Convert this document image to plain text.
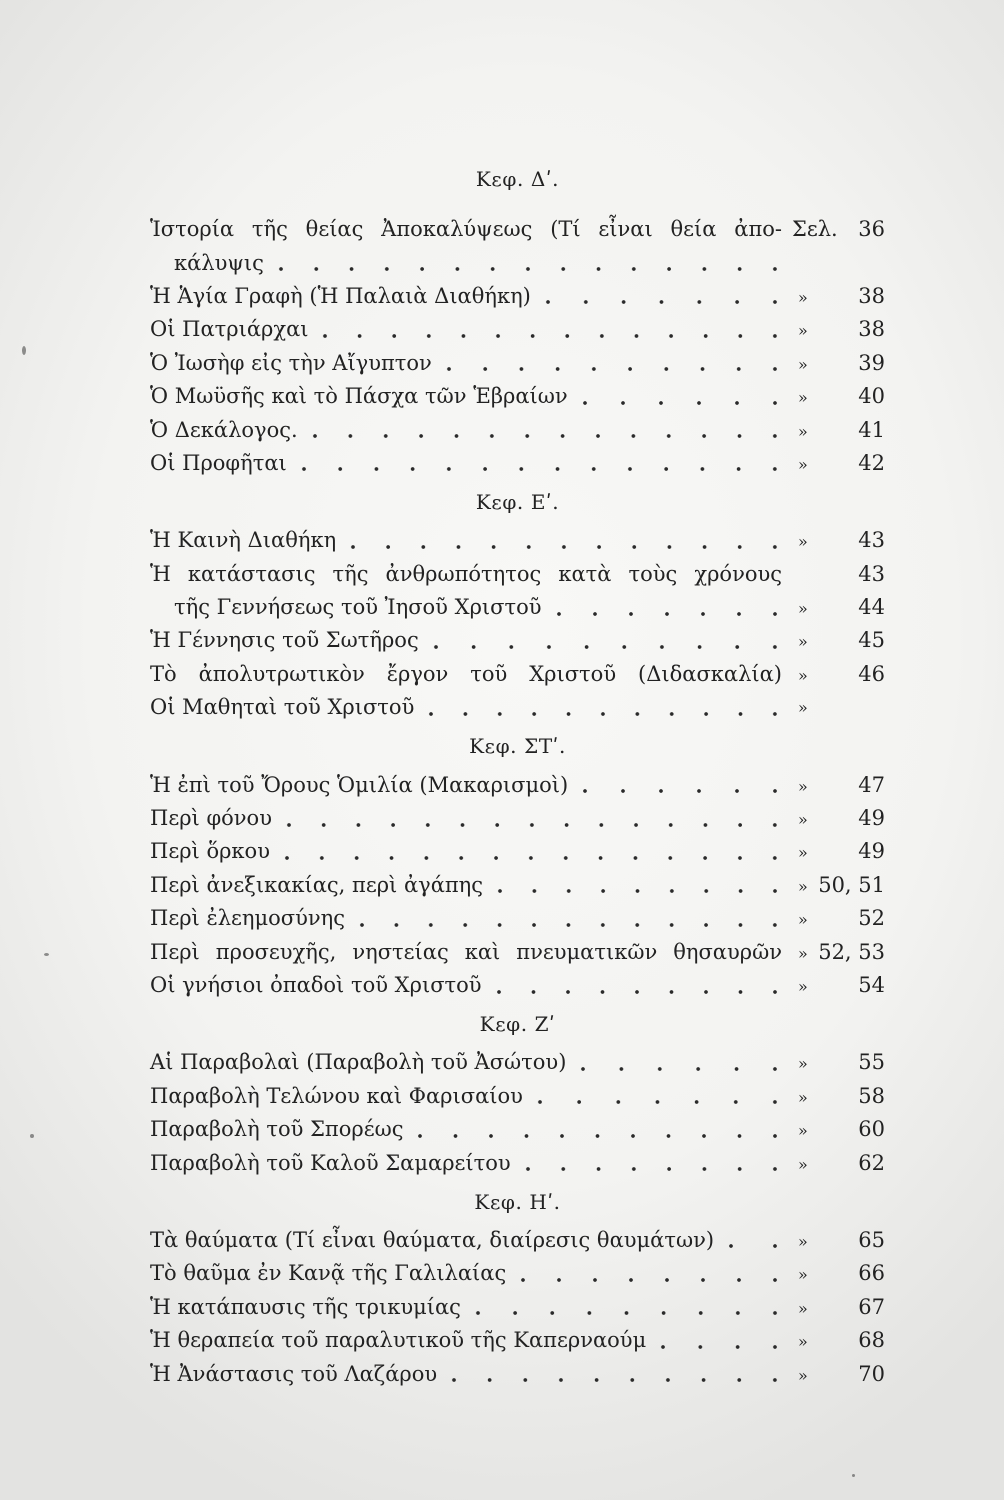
Κεφ. Δʹ.
Ἱστορία τῆς θείας Ἀποκαλύψεως (Τί εἶναι θεία ἀπο- Σελ. 36
κάλυψις
Ἡ Ἁγία Γραφὴ (Ἡ Παλαιὰ Διαθήκη)	» 38
Οἱ Πατριάρχαι	» 38
Ὁ Ἰωσὴφ εἰς τὴν Αἴγυπτον	» 39
Ὁ Μωϋσῆς καὶ τὸ Πάσχα τῶν Ἑβραίων	» 40
Ὁ Δεκάλογος.	» 41
Οἱ Προφῆται	» 42
Κεφ. Εʹ.
Ἡ Καινὴ Διαθήκη	» 43
Ἡ κατάστασις τῆς ἀνθρωπότητος κατὰ τοὺς χρόνους	43
τῆς Γεννήσεως τοῦ Ἰησοῦ Χριστοῦ	» 44
Ἡ Γέννησις τοῦ Σωτῆρος	» 45
Τὸ ἀπολυτρωτικὸν ἔργον τοῦ Χριστοῦ (Διδασκαλία)	» 46
Οἱ Μαθηταὶ τοῦ Χριστοῦ	»
Κεφ. ΣΤʹ.
Ἡ ἐπὶ τοῦ Ὄρους Ὁμιλία (Μακαρισμοὶ)	» 47
Περὶ φόνου	» 49
Περὶ ὅρκου	» 49
Περὶ ἀνεξικακίας, περὶ ἀγάπης	» 50, 51
Περὶ ἐλεημοσύνης	» 52
Περὶ προσευχῆς, νηστείας καὶ πνευματικῶν θησαυρῶν	» 52, 53
Οἱ γνήσιοι ὀπαδοὶ τοῦ Χριστοῦ	» 54
Κεφ. Ζʹ
Αἱ Παραβολαὶ (Παραβολὴ τοῦ Ἀσώτου)	» 55
Παραβολὴ Τελώνου καὶ Φαρισαίου	» 58
Παραβολὴ τοῦ Σπορέως	» 60
Παραβολὴ τοῦ Καλοῦ Σαμαρείτου	» 62
Κεφ. Ηʹ.
Τὰ θαύματα (Τί εἶναι θαύματα, διαίρεσις θαυμάτων)	» 65
Τὸ θαῦμα ἐν Κανᾷ τῆς Γαλιλαίας	» 66
Ἡ κατάπαυσις τῆς τρικυμίας	» 67
Ἡ θεραπεία τοῦ παραλυτικοῦ τῆς Καπερναούμ	» 68
Ἡ Ἀνάστασις τοῦ Λαζάρου	» 70
